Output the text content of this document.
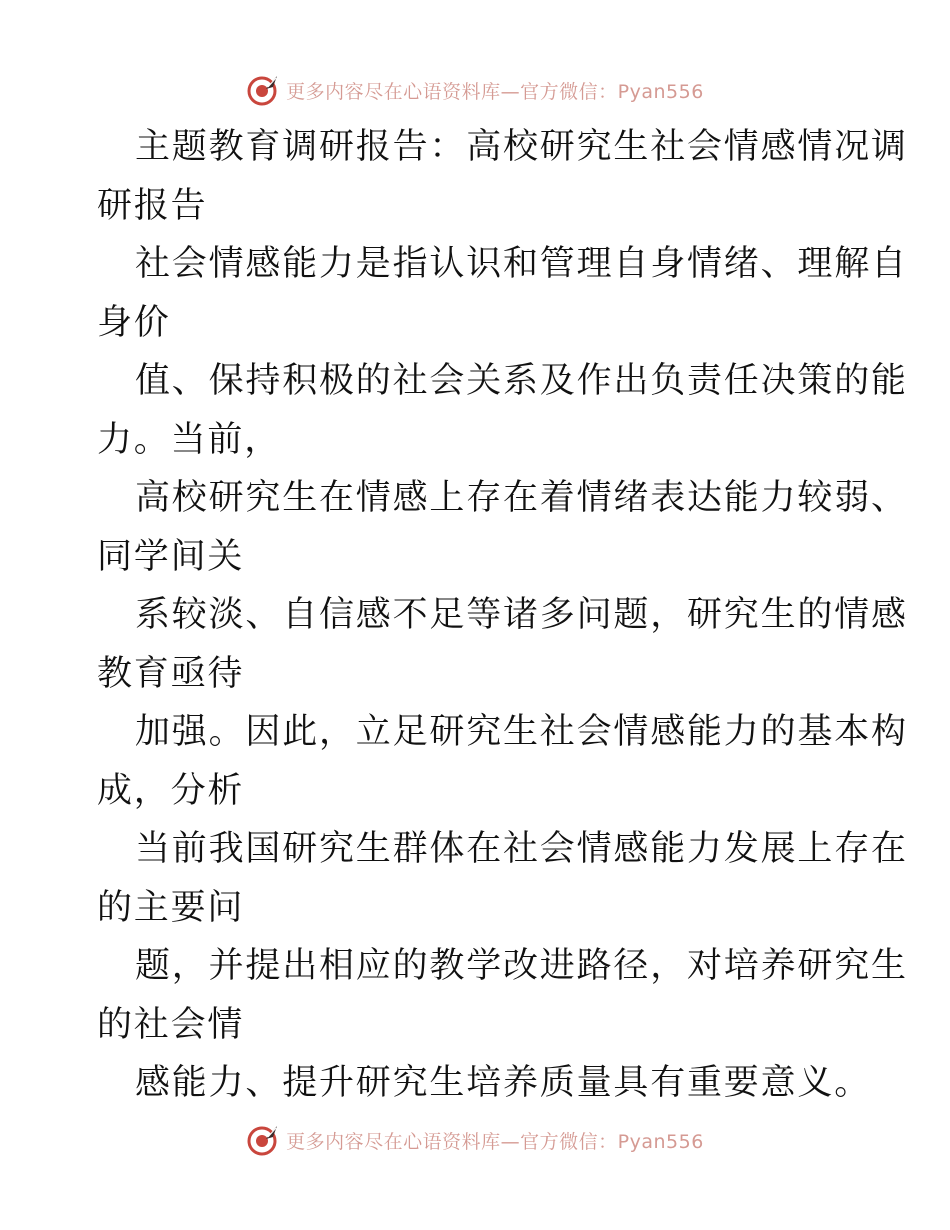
更多内容尽在心语资料库—官方微信：Pyan556
主题教育调研报告：高校研究生社会情感情况调
研报告
社会情感能力是指认识和管理自身情绪、理解自
身价
值、保持积极的社会关系及作出负责任决策的能
力。当前，
高校研究生在情感上存在着情绪表达能力较弱、
同学间关
系较淡、自信感不足等诸多问题，研究生的情感
教育亟待
加强。因此，立足研究生社会情感能力的基本构
成，分析
当前我国研究生群体在社会情感能力发展上存在
的主要问
题，并提出相应的教学改进路径，对培养研究生
的社会情
感能力、提升研究生培养质量具有重要意义。
更多内容尽在心语资料库—官方微信：Pyan556
